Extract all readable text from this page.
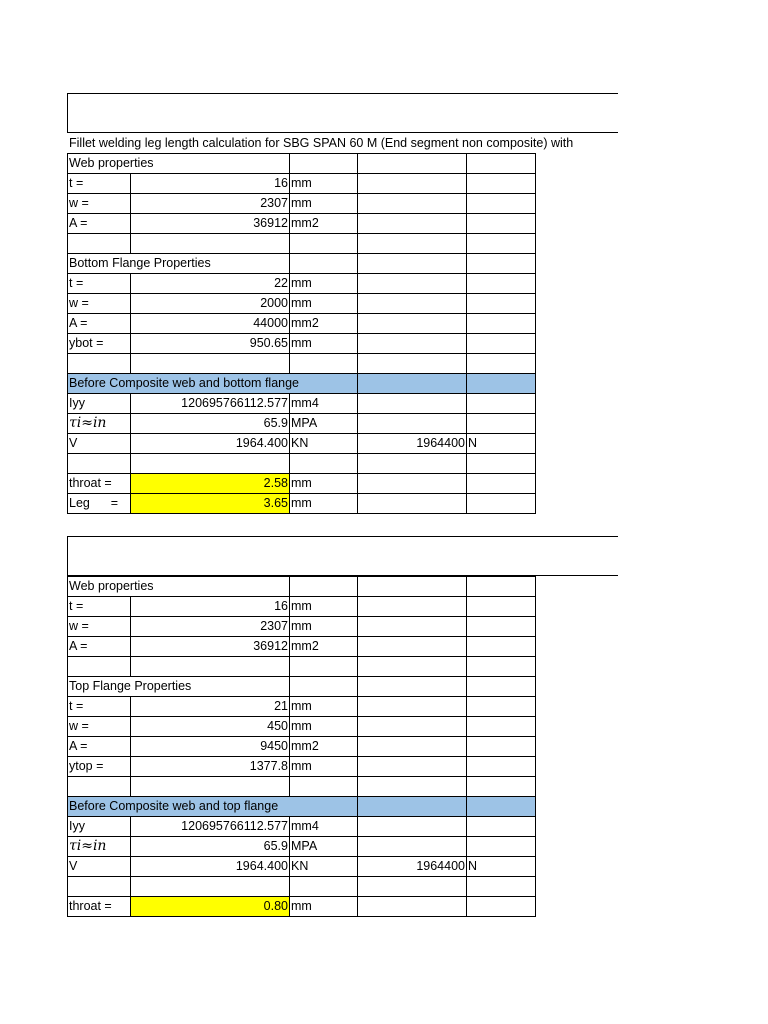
Fillet welding leg length calculation for SBG SPAN 60 M (End segment non composite) with
Web properties				
t =	16	mm		
w =	2307	mm		
A =	36912	mm2		

Bottom Flange Properties				
t =	22	mm		
w =	2000	mm		
A =	44000	mm2		
ybot =	950.65	mm		

Before Composite web and bottom flange				
Iyy	120695766112.577	mm4		
τi≈in	65.9	MPA		
V	1964.400	KN	1964400	N

throat =	2.58	mm		
Leg      =	3.65	mm		
Web properties				
t =	16	mm		
w =	2307	mm		
A =	36912	mm2		

Top Flange Properties				
t =	21	mm		
w =	450	mm		
A =	9450	mm2		
ytop =	1377.8	mm		

Before Composite web and top flange				
Iyy	120695766112.577	mm4		
τi≈in	65.9	MPA		
V	1964.400	KN	1964400	N

throat =	0.80	mm		
